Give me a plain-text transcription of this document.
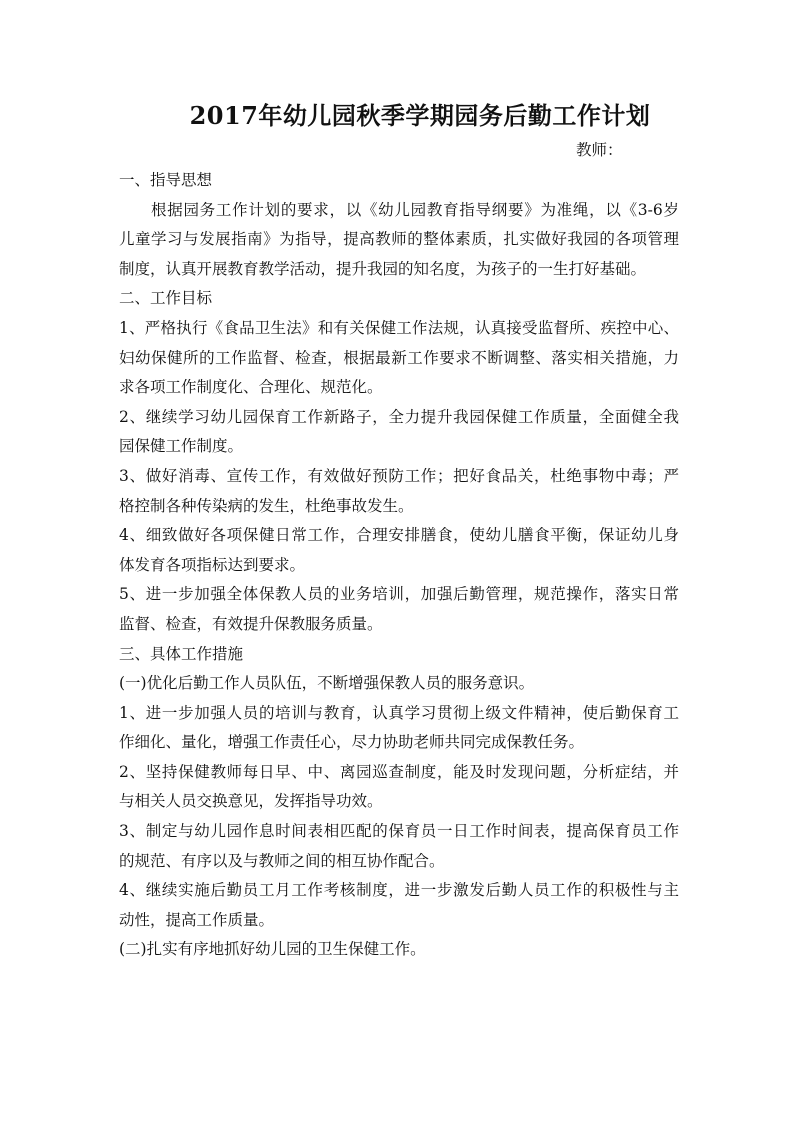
2017年幼儿园秋季学期园务后勤工作计划
教师：
一、指导思想
根据园务工作计划的要求，以《幼儿园教育指导纲要》为准绳，以《3-6岁
儿童学习与发展指南》为指导，提高教师的整体素质，扎实做好我园的各项管理
制度，认真开展教育教学活动，提升我园的知名度，为孩子的一生打好基础。
二、工作目标
1、严格执行《食品卫生法》和有关保健工作法规，认真接受监督所、疾控中心、
妇幼保健所的工作监督、检查，根据最新工作要求不断调整、落实相关措施，力
求各项工作制度化、合理化、规范化。
2、继续学习幼儿园保育工作新路子，全力提升我园保健工作质量，全面健全我
园保健工作制度。
3、做好消毒、宣传工作，有效做好预防工作；把好食品关，杜绝事物中毒；严
格控制各种传染病的发生，杜绝事故发生。
4、细致做好各项保健日常工作，合理安排膳食，使幼儿膳食平衡，保证幼儿身
体发育各项指标达到要求。
5、进一步加强全体保教人员的业务培训，加强后勤管理，规范操作，落实日常
监督、检查，有效提升保教服务质量。
三、具体工作措施
(一)优化后勤工作人员队伍，不断增强保教人员的服务意识。
1、进一步加强人员的培训与教育，认真学习贯彻上级文件精神，使后勤保育工
作细化、量化，增强工作责任心，尽力协助老师共同完成保教任务。
2、坚持保健教师每日早、中、离园巡查制度，能及时发现问题，分析症结，并
与相关人员交换意见，发挥指导功效。
3、制定与幼儿园作息时间表相匹配的保育员一日工作时间表，提高保育员工作
的规范、有序以及与教师之间的相互协作配合。
4、继续实施后勤员工月工作考核制度，进一步激发后勤人员工作的积极性与主
动性，提高工作质量。
(二)扎实有序地抓好幼儿园的卫生保健工作。
